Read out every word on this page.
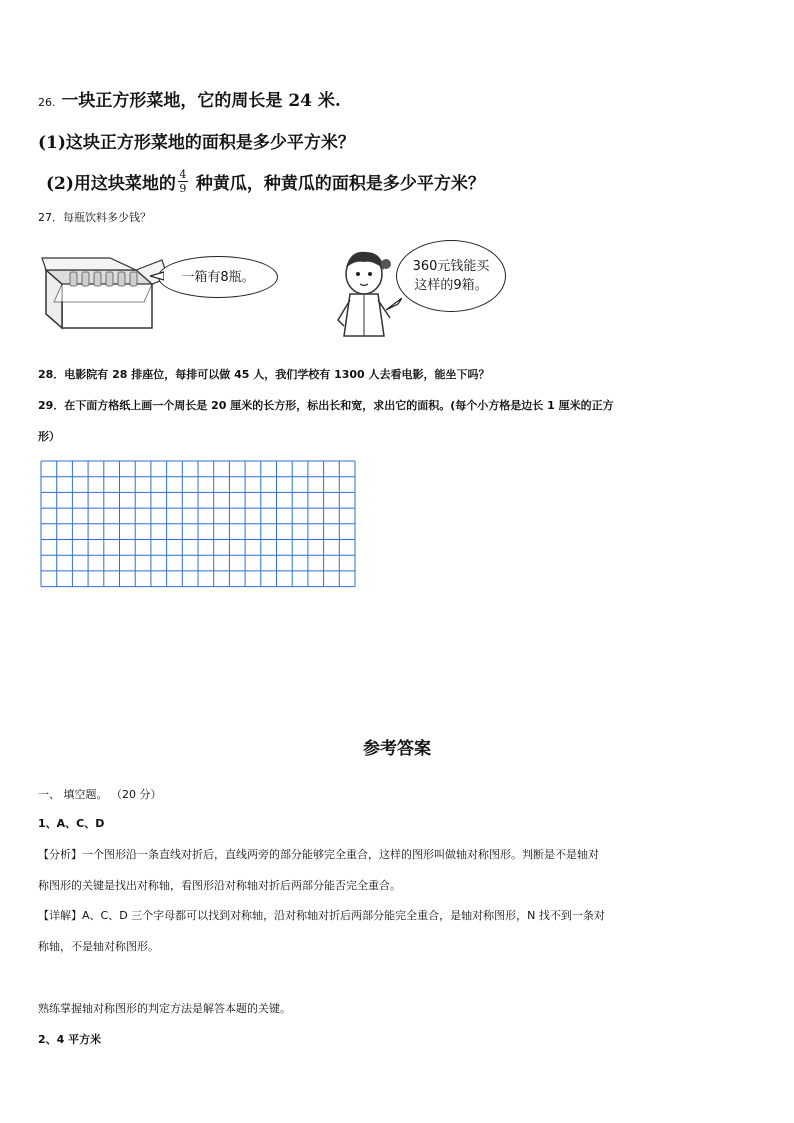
26. 一块正方形菜地，它的周长是 24 米.
(1)这块正方形菜地的面积是多少平方米？
(2)用这块菜地的 $\frac{4}{9}$ 种黄瓜，种黄瓜的面积是多少平方米？
27．每瓶饮料多少钱？
一箱有8瓶。
360元钱能买
这样的9箱。
28．电影院有 28 排座位，每排可以做 45 人，我们学校有 1300 人去看电影，能坐下吗？
29．在下面方格纸上画一个周长是 20 厘米的长方形，标出长和宽，求出它的面积。(每个小方格是边长 1 厘米的正方
形）
参考答案
一、 填空题。 （20 分）
1、A、C、D
【分析】一个图形沿一条直线对折后，直线两旁的部分能够完全重合，这样的图形叫做轴对称图形。判断是不是轴对
称图形的关键是找出对称轴，看图形沿对称轴对折后两部分能否完全重合。
【详解】A、C、D 三个字母都可以找到对称轴，沿对称轴对折后两部分能完全重合，是轴对称图形，N 找不到一条对
称轴，不是轴对称图形。
熟练掌握轴对称图形的判定方法是解答本题的关键。
2、4 平方米
